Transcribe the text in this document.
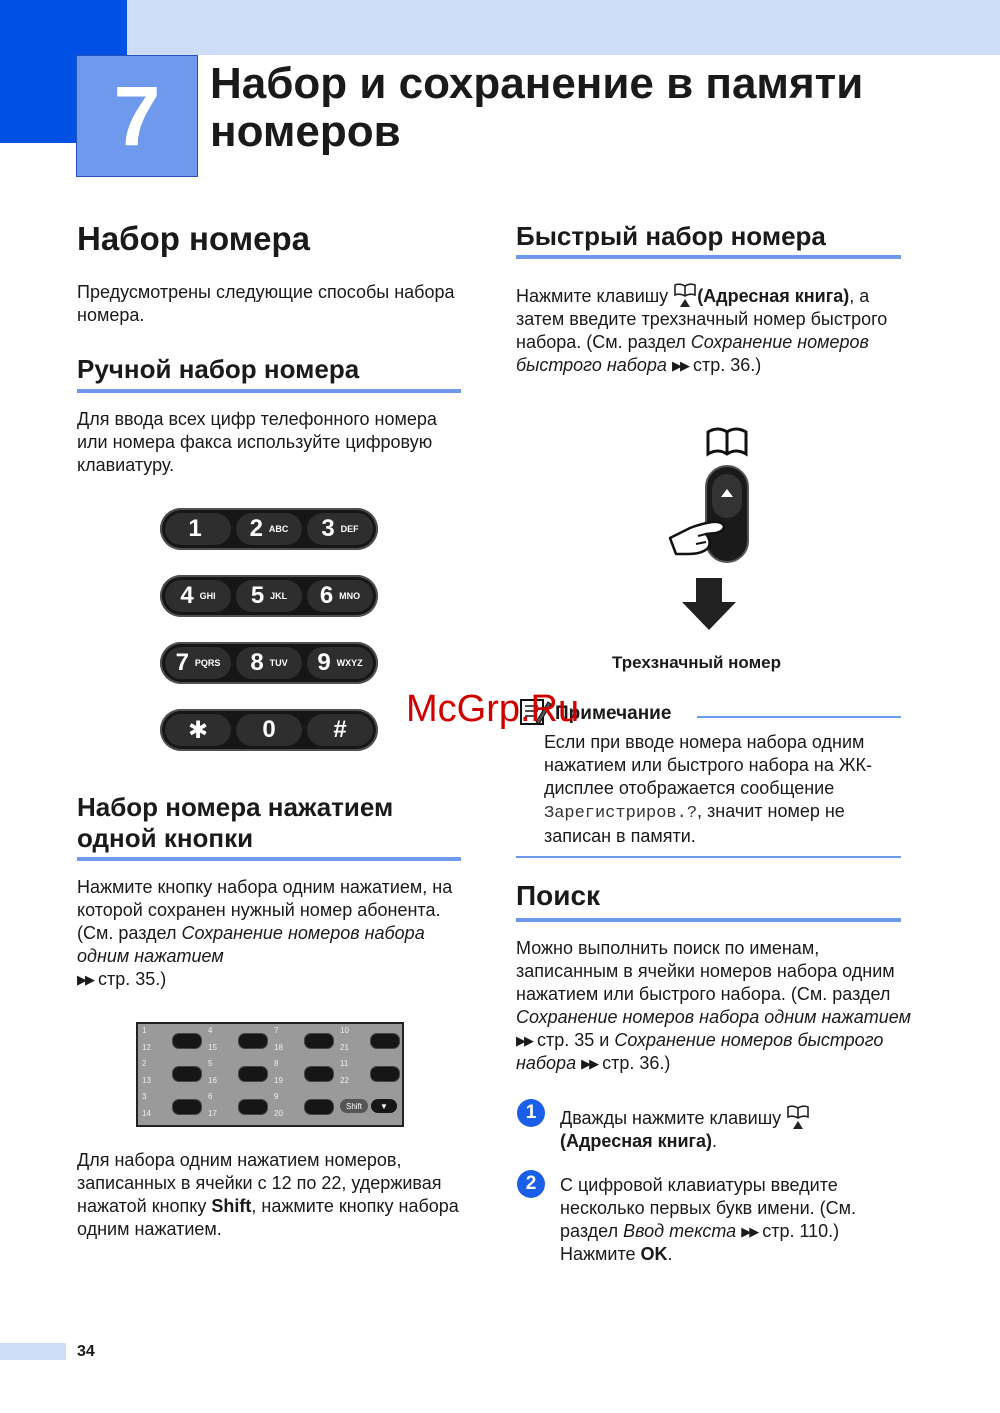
7	Набор и сохранение в памяти
номеров
Набор номера
Предусмотрены следующие способы набора номера.
Ручной набор номера
Для ввода всех цифр телефонного номера или номера факса используйте цифровую клавиатуру.
1 2 ABC 3 DEF
4 GHI 5 JKL 6 MNO
7 PQRS 8 TUV 9 WXYZ
✱ 0 #
Набор номера нажатием
одной кнопки
Нажмите кнопку набора одним нажатием, на которой сохранен нужный номер абонента. (См. раздел Сохранение номеров набора одним нажатием
▶▶ стр. 35.)
1
12
2
13
3
14
4
15
5
16
6
17
7
18
8
19
9
20
10
21
11
22
Shift	▼
Для набора одним нажатием номеров, записанных в ячейки с 12 по 22, удерживая нажатой кнопку Shift, нажмите кнопку набора одним нажатием.
Быстрый набор номера
Нажмите клавишу (Адресная книга), а затем введите трехзначный номер быстрого набора. (См. раздел Сохранение номеров быстрого набора ▶▶ стр. 36.)
Трехзначный номер
Примечание
Если при вводе номера набора одним нажатием или быстрого набора на ЖК-дисплее отображается сообщение Зарегистриров.?, значит номер не записан в памяти.
McGrp.Ru
Поиск
Можно выполнить поиск по именам, записанным в ячейки номеров набора одним нажатием или быстрого набора. (См. раздел Сохранение номеров набора одним нажатием ▶▶ стр. 35 и Сохранение номеров быстрого набора ▶▶ стр. 36.)
1	Дважды нажмите клавишу
(Адресная книга).
2	С цифровой клавиатуры введите несколько первых букв имени. (См. раздел Ввод текста ▶▶ стр. 110.) Нажмите OK.
34
